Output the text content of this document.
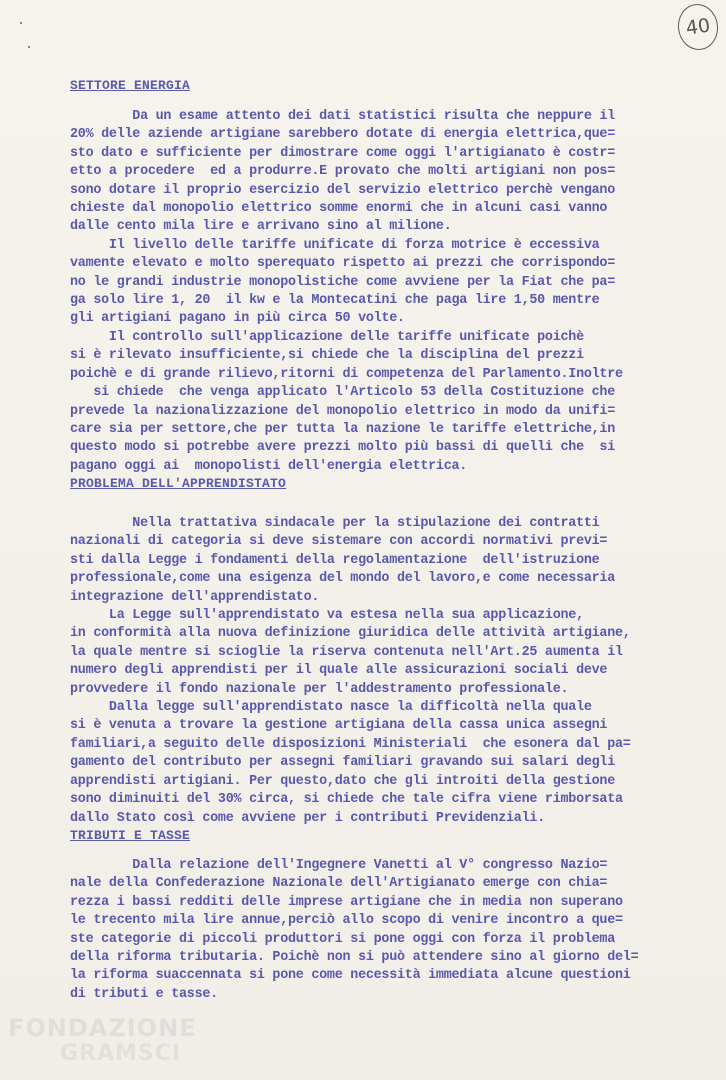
40
SETTORE ENERGIA
Da un esame attento dei dati statistici risulta che neppure il
20% delle aziende artigiane sarebbero dotate di energia elettrica,que=
sto dato e sufficiente per dimostrare come oggi l'artigianato è costr=
etto a procedere  ed a produrre.E provato che molti artigiani non pos=
sono dotare il proprio esercizio del servizio elettrico perchè vengano
chieste dal monopolio elettrico somme enormi che in alcuni casi vanno
dalle cento mila lire e arrivano sino al milione.
Il livello delle tariffe unificate di forza motrice è eccessiva
vamente elevato e molto sperequato rispetto ai prezzi che corrispondo=
no le grandi industrie monopolistiche come avviene per la Fiat che pa=
ga solo lire 1, 20  il kw e la Montecatini che paga lire 1,50 mentre
gli artigiani pagano in più circa 50 volte.
Il controllo sull'applicazione delle tariffe unificate poichè
si è rilevato insufficiente,si chiede che la disciplina del prezzi
poichè e di grande rilievo,ritorni di competenza del Parlamento.Inoltre
si chiede  che venga applicato l'Articolo 53 della Costituzione che
prevede la nazionalizzazione del monopolio elettrico in modo da unifi=
care sia per settore,che per tutta la nazione le tariffe elettriche,in
questo modo si potrebbe avere prezzi molto più bassi di quelli che  si
pagano oggi ai  monopolisti dell'energia elettrica.
PROBLEMA DELL'APPRENDISTATO
Nella trattativa sindacale per la stipulazione dei contratti
nazionali di categoria si deve sistemare con accordi normativi previ=
sti dalla Legge i fondamenti della regolamentazione  dell'istruzione
professionale,come una esigenza del mondo del lavoro,e come necessaria
integrazione dell'apprendistato.
La Legge sull'apprendistato va estesa nella sua applicazione,
in conformità alla nuova definizione giuridica delle attività artigiane,
la quale mentre si scioglie la riserva contenuta nell'Art.25 aumenta il
numero degli apprendisti per il quale alle assicurazioni sociali deve
provvedere il fondo nazionale per l'addestramento professionale.
Dalla legge sull'apprendistato nasce la difficoltà nella quale
si è venuta a trovare la gestione artigiana della cassa unica assegni
familiari,a seguito delle disposizioni Ministeriali  che esonera dal pa=
gamento del contributo per assegni familiari gravando sui salari degli
apprendisti artigiani. Per questo,dato che gli introiti della gestione
sono diminuiti del 30% circa, si chiede che tale cifra viene rimborsata
dallo Stato così come avviene per i contributi Previdenziali.
TRIBUTI E TASSE
Dalla relazione dell'Ingegnere Vanetti al V° congresso Nazio=
nale della Confederazione Nazionale dell'Artigianato emerge con chia=
rezza i bassi redditi delle imprese artigiane che in media non superano
le trecento mila lire annue,perciò allo scopo di venire incontro a que=
ste categorie di piccoli produttori si pone oggi con forza il problema
della riforma tributaria. Poichè non si può attendere sino al giorno del=
la riforma suaccennata si pone come necessità immediata alcune questioni
di tributi e tasse.
FONDAZIONE
GRAMSCI
